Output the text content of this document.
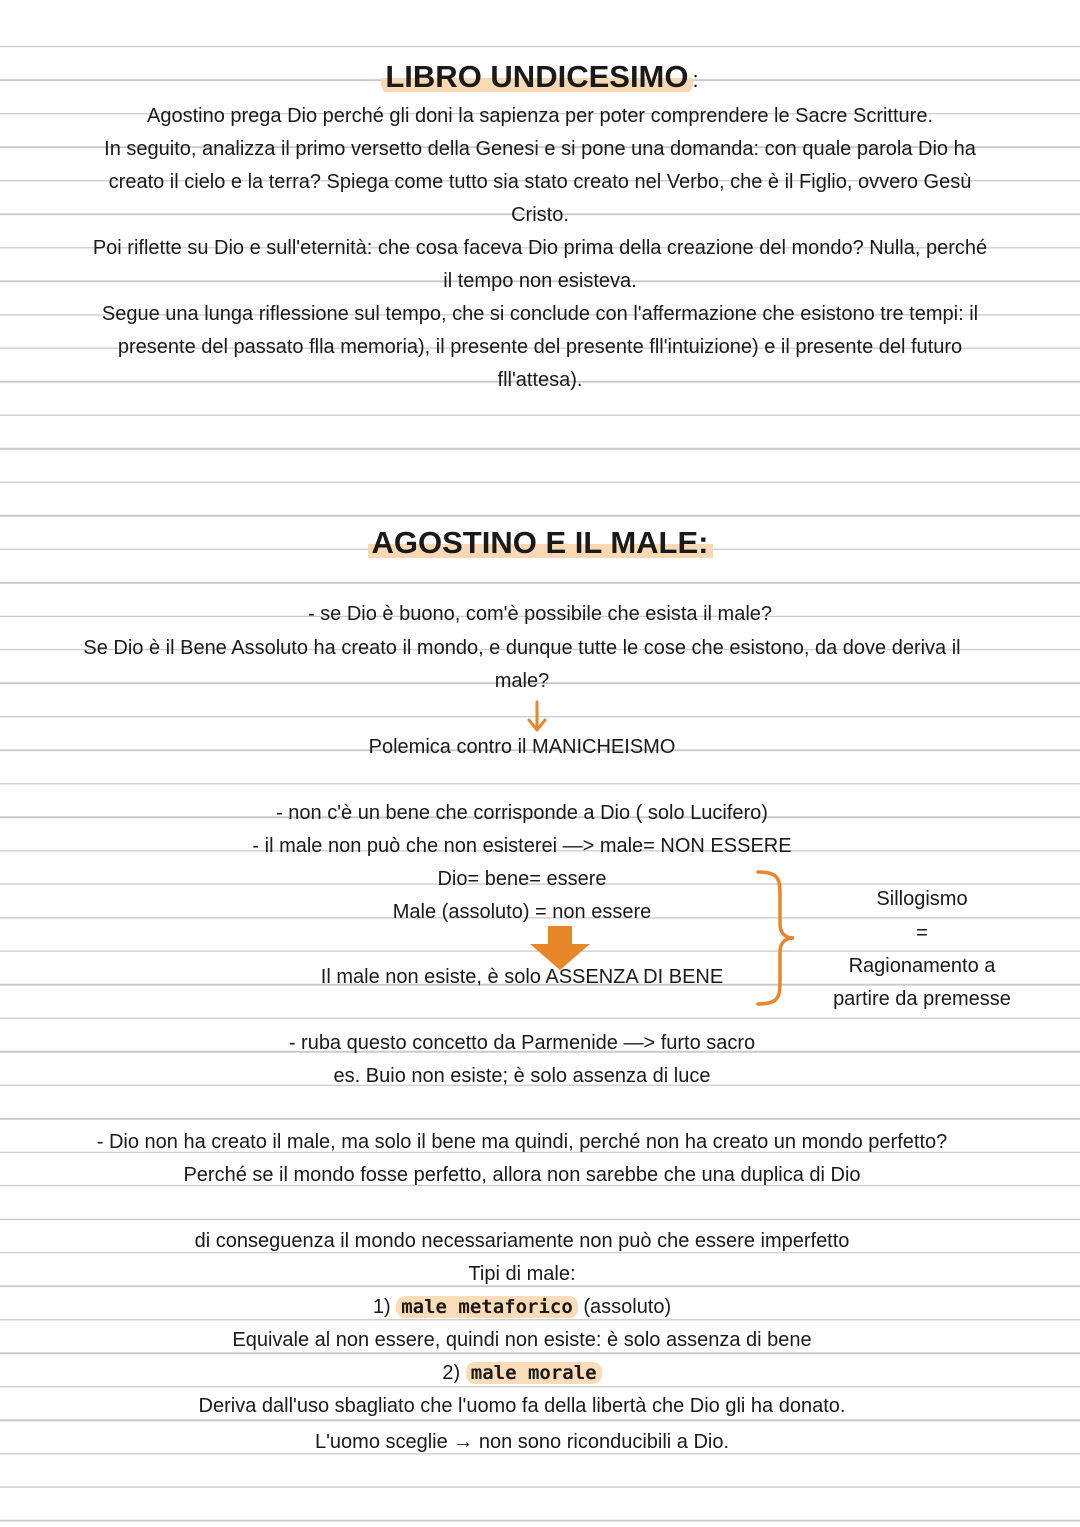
LIBRO UNDICESIMO :
Agostino prega Dio perché gli doni la sapienza per poter comprendere le Sacre Scritture.
In seguito, analizza il primo versetto della Genesi e si pone una domanda: con quale parola Dio ha
creato il cielo e la terra? Spiega come tutto sia stato creato nel Verbo, che è il Figlio, ovvero Gesù
Cristo.
Poi riflette su Dio e sull'eternità: che cosa faceva Dio prima della creazione del mondo? Nulla, perché
il tempo non esisteva.
Segue una lunga riflessione sul tempo, che si conclude con l'affermazione che esistono tre tempi: il
presente del passato flla memoria), il presente del presente fll'intuizione) e il presente del futuro
fll'attesa).
AGOSTINO E IL MALE:
- se Dio è buono, com'è possibile che esista il male?
Se Dio è il Bene Assoluto ha creato il mondo, e dunque tutte le cose che esistono, da dove deriva il
male?
Polemica contro il MANICHEISMO
- non c'è un bene che corrisponde a Dio ( solo Lucifero)
- il male non può che non esisterei —> male= NON ESSERE
Dio= bene= essere
Male (assoluto) = non essere
Il male non esiste, è solo ASSENZA DI BENE
Sillogismo
=
Ragionamento a
partire da premesse
- ruba questo concetto da Parmenide —> furto sacro
es. Buio non esiste; è solo assenza di luce
- Dio non ha creato il male, ma solo il bene ma quindi, perché non ha creato un mondo perfetto?
Perché se il mondo fosse perfetto, allora non sarebbe che una duplica di Dio
di conseguenza il mondo necessariamente non può che essere imperfetto
Tipi di male:
1) male metaforico (assoluto)
Equivale al non essere, quindi non esiste: è solo assenza di bene
2) male morale
Deriva dall'uso sbagliato che l'uomo fa della libertà che Dio gli ha donato.
L'uomo sceglie → non sono riconducibili a Dio.
